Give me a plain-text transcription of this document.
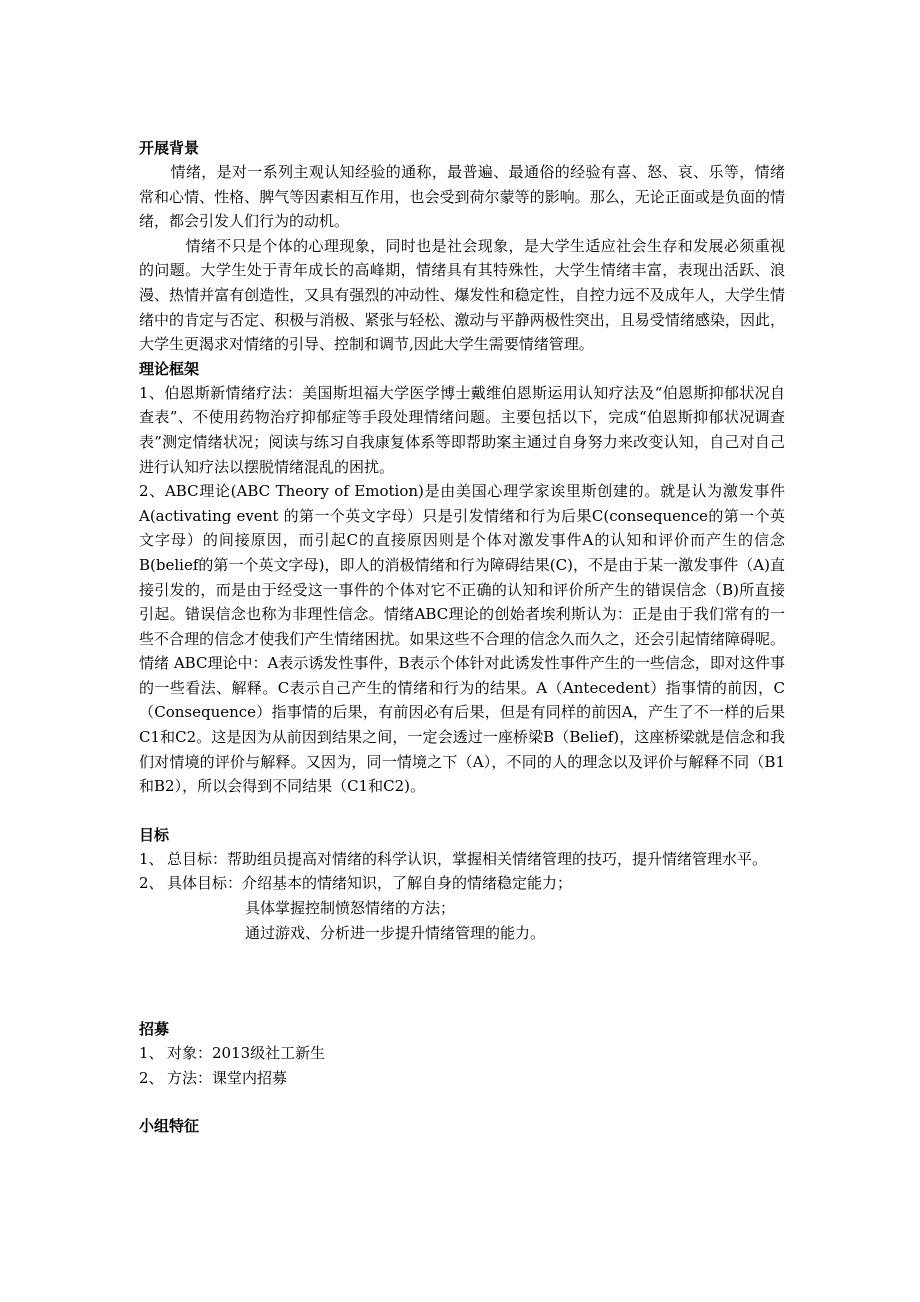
开展背景

情绪，是对一系列主观认知经验的通称，最普遍、最通俗的经验有喜、怒、哀、乐等，情绪常和心情、性格、脾气等因素相互作用，也会受到荷尔蒙等的影响。那么，无论正面或是负面的情绪，都会引发人们行为的动机。

情绪不只是个体的心理现象，同时也是社会现象，是大学生适应社会生存和发展必须重视的问题。大学生处于青年成长的高峰期，情绪具有其特殊性，大学生情绪丰富，表现出活跃、浪漫、热情并富有创造性，又具有强烈的冲动性、爆发性和稳定性，自控力远不及成年人，大学生情绪中的肯定与否定、积极与消极、紧张与轻松、激动与平静两极性突出，且易受情绪感染，因此，大学生更渴求对情绪的引导、控制和调节,因此大学生需要情绪管理。

理论框架

1、伯恩斯新情绪疗法：美国斯坦福大学医学博士戴维伯恩斯运用认知疗法及“伯恩斯抑郁状况自查表”、不使用药物治疗抑郁症等手段处理情绪问题。主要包括以下，完成“伯恩斯抑郁状况调查表”测定情绪状况；阅读与练习自我康复体系等即帮助案主通过自身努力来改变认知，自己对自己进行认知疗法以摆脱情绪混乱的困扰。

2、ABC理论(ABC Theory of Emotion)是由美国心理学家诶里斯创建的。就是认为激发事件A(activating event 的第一个英文字母）只是引发情绪和行为后果C(consequence的第一个英文字母）的间接原因，而引起C的直接原因则是个体对激发事件A的认知和评价而产生的信念B(belief的第一个英文字母)，即人的消极情绪和行为障碍结果(C)，不是由于某一激发事件（A)直接引发的，而是由于经受这一事件的个体对它不正确的认知和评价所产生的错误信念（B)所直接引起。错误信念也称为非理性信念。情绪ABC理论的创始者埃利斯认为：正是由于我们常有的一些不合理的信念才使我们产生情绪困扰。如果这些不合理的信念久而久之，还会引起情绪障碍呢。情绪 ABC理论中：A表示诱发性事件，B表示个体针对此诱发性事件产生的一些信念，即对这件事的一些看法、解释。C表示自己产生的情绪和行为的结果。A（Antecedent）指事情的前因，C（Consequence）指事情的后果，有前因必有后果，但是有同样的前因A，产生了不一样的后果C1和C2。这是因为从前因到结果之间，一定会透过一座桥梁B（Belief)，这座桥梁就是信念和我们对情境的评价与解释。又因为，同一情境之下（A），不同的人的理念以及评价与解释不同（B1和B2），所以会得到不同结果（C1和C2)。

目标
1、 总目标：帮助组员提高对情绪的科学认识，掌握相关情绪管理的技巧，提升情绪管理水平。
2、 具体目标：介绍基本的情绪知识，了解自身的情绪稳定能力；
具体掌握控制愤怒情绪的方法；
通过游戏、分析进一步提升情绪管理的能力。
招募
1、 对象：2013级社工新生
2、 方法：课堂内招募
小组特征
